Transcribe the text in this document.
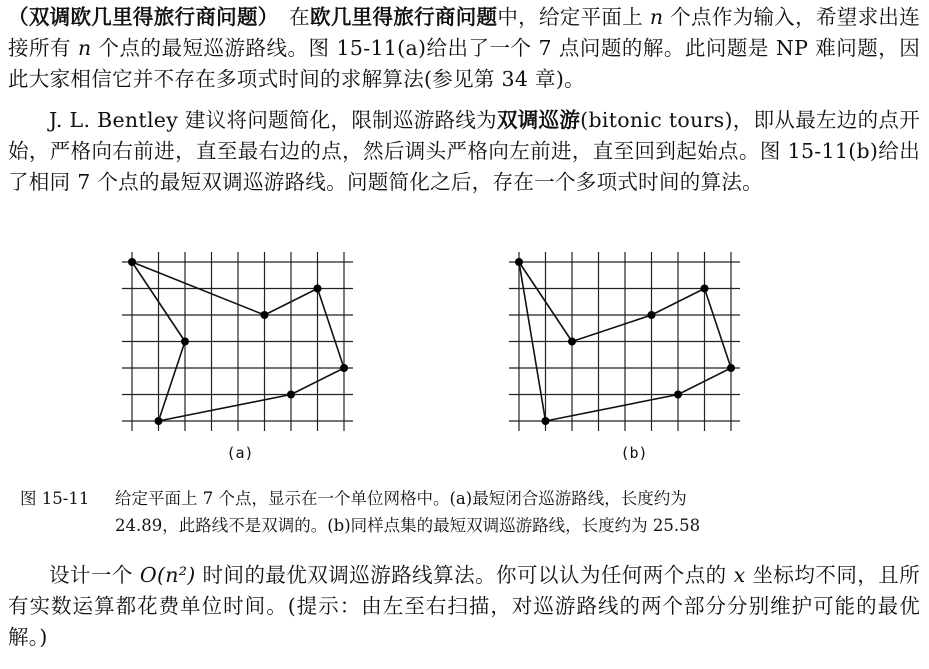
（双调欧几里得旅行商问题）　在欧几里得旅行商问题中，给定平面上 n 个点作为输入，希望求出连接所有 n 个点的最短巡游路线。图 15-11(a)给出了一个 7 点问题的解。此问题是 NP 难问题，因此大家相信它并不存在多项式时间的求解算法(参见第 34 章)。

J. L. Bentley 建议将问题简化，限制巡游路线为双调巡游(bitonic tours)，即从最左边的点开始，严格向右前进，直至最右边的点，然后调头严格向左前进，直至回到起始点。图 15-11(b)给出了相同 7 个点的最短双调巡游路线。问题简化之后，存在一个多项式时间的算法。

(a)	(b)
图 15-11 给定平面上 7 个点，显示在一个单位网格中。(a)最短闭合巡游路线，长度约为
24.89，此路线不是双调的。(b)同样点集的最短双调巡游路线，长度约为 25.58

设计一个 O(n²) 时间的最优双调巡游路线算法。你可以认为任何两个点的 x 坐标均不同，且所有实数运算都花费单位时间。(提示：由左至右扫描，对巡游路线的两个部分分别维护可能的最优解。)
